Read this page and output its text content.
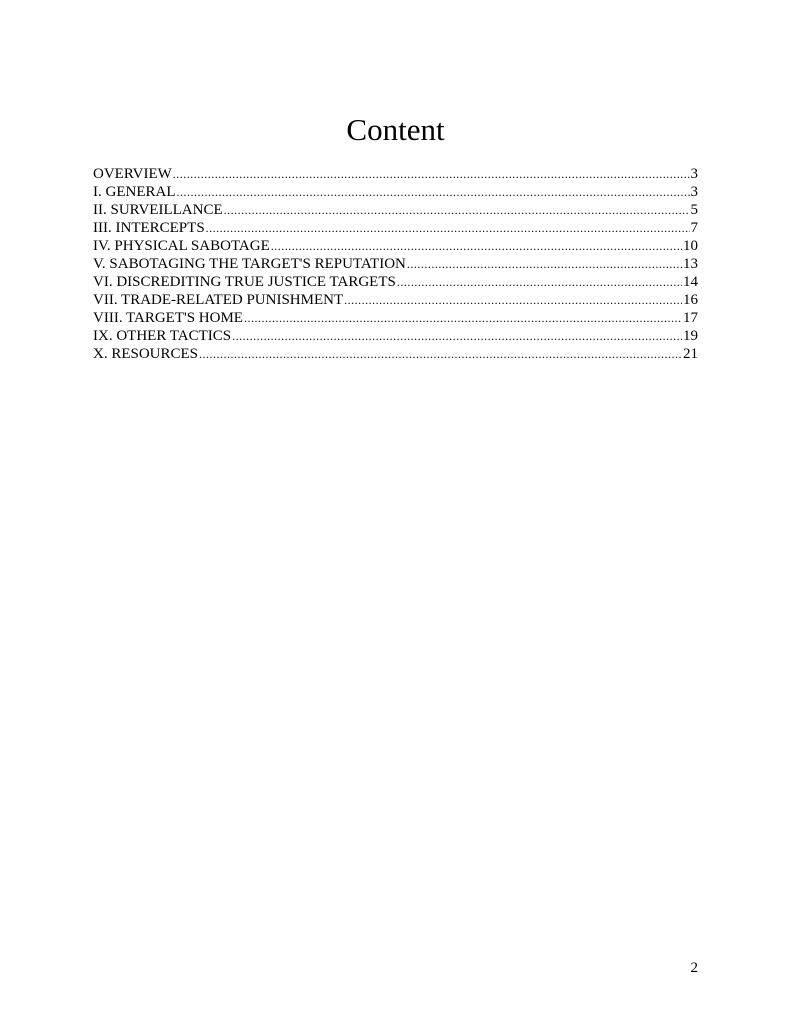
Content
OVERVIEW .....	3
I. GENERAL .....	3
II. SURVEILLANCE .....	5
III. INTERCEPTS .....	7
IV. PHYSICAL SABOTAGE .....	10
V. SABOTAGING THE TARGET'S REPUTATION .....	13
VI. DISCREDITING TRUE JUSTICE TARGETS .....	14
VII. TRADE-RELATED PUNISHMENT .....	16
VIII. TARGET'S HOME .....	17
IX. OTHER TACTICS .....	19
X. RESOURCES .....	21
2
